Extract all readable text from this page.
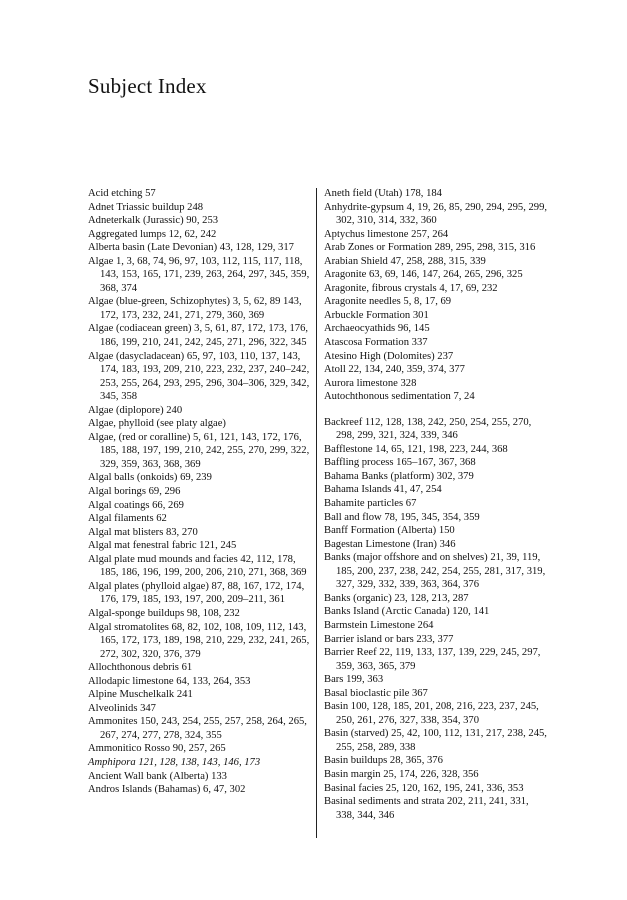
Subject Index

Acid etching 57

Adnet Triassic buildup 248

Adneterkalk (Jurassic) 90, 253

Aggregated lumps 12, 62, 242

Alberta basin (Late Devonian) 43, 128, 129, 317

Algae 1, 3, 68, 74, 96, 97, 103, 112, 115, 117, 118, 143, 153, 165, 171, 239, 263, 264, 297, 345, 359, 368, 374

Algae (blue-green, Schizophytes) 3, 5, 62, 89 143, 172, 173, 232, 241, 271, 279, 360, 369

Algae (codiacean green) 3, 5, 61, 87, 172, 173, 176, 186, 199, 210, 241, 242, 245, 271, 296, 322, 345

Algae (dasycladacean) 65, 97, 103, 110, 137, 143, 174, 183, 193, 209, 210, 223, 232, 237, 240–242, 253, 255, 264, 293, 295, 296, 304–306, 329, 342, 345, 358

Algae (diplopore) 240

Algae, phylloid (see platy algae)

Algae, (red or coralline) 5, 61, 121, 143, 172, 176, 185, 188, 197, 199, 210, 242, 255, 270, 299, 322, 329, 359, 363, 368, 369

Algal balls (onkoids) 69, 239

Algal borings 69, 296

Algal coatings 66, 269

Algal filaments 62

Algal mat blisters 83, 270

Algal mat fenestral fabric 121, 245

Algal plate mud mounds and facies 42, 112, 178, 185, 186, 196, 199, 200, 206, 210, 271, 368, 369

Algal plates (phylloid algae) 87, 88, 167, 172, 174, 176, 179, 185, 193, 197, 200, 209–211, 361

Algal-sponge buildups 98, 108, 232

Algal stromatolites 68, 82, 102, 108, 109, 112, 143, 165, 172, 173, 189, 198, 210, 229, 232, 241, 265, 272, 302, 320, 376, 379

Allochthonous debris 61

Allodapic limestone 64, 133, 264, 353

Alpine Muschelkalk 241

Alveolinids 347

Ammonites 150, 243, 254, 255, 257, 258, 264, 265, 267, 274, 277, 278, 324, 355

Ammonitico Rosso 90, 257, 265

Amphipora 121, 128, 138, 143, 146, 173

Ancient Wall bank (Alberta) 133

Andros Islands (Bahamas) 6, 47, 302

Aneth field (Utah) 178, 184

Anhydrite-gypsum 4, 19, 26, 85, 290, 294, 295, 299, 302, 310, 314, 332, 360

Aptychus limestone 257, 264

Arab Zones or Formation 289, 295, 298, 315, 316

Arabian Shield 47, 258, 288, 315, 339

Aragonite 63, 69, 146, 147, 264, 265, 296, 325

Aragonite, fibrous crystals 4, 17, 69, 232

Aragonite needles 5, 8, 17, 69

Arbuckle Formation 301

Archaeocyathids 96, 145

Atascosa Formation 337

Atesino High (Dolomites) 237

Atoll 22, 134, 240, 359, 374, 377

Aurora limestone 328

Autochthonous sedimentation 7, 24

Backreef 112, 128, 138, 242, 250, 254, 255, 270, 298, 299, 321, 324, 339, 346

Bafflestone 14, 65, 121, 198, 223, 244, 368

Baffling process 165–167, 367, 368

Bahama Banks (platform) 302, 379

Bahama Islands 41, 47, 254

Bahamite particles 67

Ball and flow 78, 195, 345, 354, 359

Banff Formation (Alberta) 150

Bagestan Limestone (Iran) 346

Banks (major offshore and on shelves) 21, 39, 119, 185, 200, 237, 238, 242, 254, 255, 281, 317, 319, 327, 329, 332, 339, 363, 364, 376

Banks (organic) 23, 128, 213, 287

Banks Island (Arctic Canada) 120, 141

Barmstein Limestone 264

Barrier island or bars 233, 377

Barrier Reef 22, 119, 133, 137, 139, 229, 245, 297, 359, 363, 365, 379

Bars 199, 363

Basal bioclastic pile 367

Basin 100, 128, 185, 201, 208, 216, 223, 237, 245, 250, 261, 276, 327, 338, 354, 370

Basin (starved) 25, 42, 100, 112, 131, 217, 238, 245, 255, 258, 289, 338

Basin buildups 28, 365, 376

Basin margin 25, 174, 226, 328, 356

Basinal facies 25, 120, 162, 195, 241, 336, 353

Basinal sediments and strata 202, 211, 241, 331, 338, 344, 346
